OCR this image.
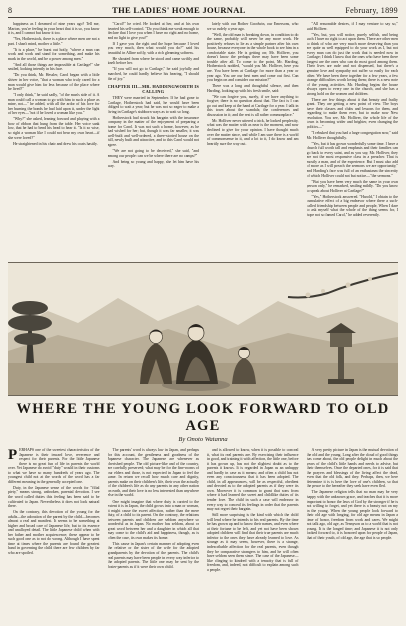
8	THE LADIES' HOME JOURNAL	February, 1899

happiness as I dreamed of nine years ago? Tell me, Marion, you're feeling in your heart that it is so, you know it is, and I cannot but know it too.

"Yes, Hotherstock, there is a place where men are not a part. I shan't mind, mother a little."

"It is a place," he burst out hotly, "where a man can work and work and stand for something, and make his mark in the world, and be a power among men."

"And all those things are impossible at Cartlage!" she smiled, looking intently in his face.

"Do you think, Mr. Hessler, Carol began with a little shiver in her voice, "that a woman who truly cared for a man would give him far less because of the place where he lived?"

"I only think," he said sadly, "of the man's side of it. A man could call a woman to go with him to such a place as mine, not—" he added, with all the ardor of his love for her burning the bonds he had laid upon it, under the light of her eyes—"not if he loved a woman like you."

"Why?" she asked, leaning forward and playing with a bow of ribbon that hung from the table. Her voice sank low, that he had to bend his head to hear it. "Is it so wise, so right a woman like I could not bear my own heart—if she were loved?"

He straightened in his chair and drew his coats hastily.

"Carol!" he cried. He looked at her, and at his own hearted his self-control. "Do you think me weak enough to declare that I love you when I have no right and no home, and no light to give you?"

If I gave you the right and the hope because I loved you very much, then what would you do?" said his beautiful in Alline softly, with a rich gleaming softness.

He shouted from where he stood and came swiftly and knelt before her.

"If you will not go to Cartlage," he said joyfully and marched, he could hardly believe his hearing, "I should die of joy."

CHAPTER III—MR. HADDINGWORTH IS CALLING

THEY were married in September. If he had gone to Cartlage, Hotherstock had said, he would have been obliged to wait a year; but he was not so eager to make a living in Cartlage's stubborn ways as to wait so long.

Hotherstock had struck his bargain with the insurance company in the matter of the enjoyment of preparing a home for Carol. It was not such a home, however, as he had wished for her; but, though it was far smaller, it was well-built and well-ordered, a three-storied house on the hill, newly built and attractive, and to this Carol would not agree.

"We are not going to be deceived," she said, "and among our people: can we be where there are no camps?"

And being so young and happy, she let him have his way.

lately with our Bother Goodwin, our Emersons, who we so rudely a year ago.

"Well, the old man is breaking down, in condition to do the same, probably will never be any more work. He positively refuses to lie as a simple partner after his own house, because everyone in the whole book to see him in a comfortable state. He is getting on; Mr. Holliver, you doesn't know the perhaps there may have been some trouble after all. To come to the point, Mr. Harding, Hotherstock nodded, "would you Mr. Holliver, here you are. You have been at Cartlage for more than a year or year ago. You are our best men and come out first. Can you begin on and consider our mission?"

There was a long and thoughtful silence, and then Harding, looking up with his fresh smile, said:

"We can forgive you, surely, if we have anything to forgive; there is no question about that. The fact is I can go out and keep at the hand at Cartlage for a year. I talk in this town about the scandals; the conferences and discussion in it; and the rest is all rather commonplace."

Mr. Holliver never uttered a trick, he looked perplexity, what was the matter with as near is the moment, and now declined to give for your opinion. I have thought much over the matter since, and while I am sure there is a world of commonsense in it, and a lot to it, I do know and am heartily sure the way out.

"All reasonable desires, if I may venture to say so," said Holliver.

"Yes, but, you will notice, purely selfish, and being such I have no right to act upon them. There are other men to think of who are very much more deserving than you are quite as well equipped to do your work as I, but not every man can do just the work that is needed now in Cartlage; I think I know that the ones who have been there longest are the ones who can do most good among them. Their lives are rude and not dispensed, but there's a genuine love and sympathy not suffer so easily for each other. We have been there together for a few years, a few strange difficulties worth loving them; there is a new note of the young activities. Mr. Harding begins the house always open to every one in the church, and she has a strong hold on the women and children.

There are few things about it that beauty and frailty grant. They are getting a new point of view. The boys have their classes and clubs and lessons for them, and regarding to make them ever, but to make now New resolution. You see, Mr. Holliver, the whole life of the town is becoming wider and brighter, even changing the politics—"

"I rebuked that you had a large congregation now," said Mr. Holliver thoughtfully.

"Yes, but it has grown wonderfully some time. I have a church full worth tall and emphasis and their families can go back to every saint, and as you say, Mr. Holliver, they are not the most responsive class in a preacher. That is mostly a man, and of the experience. But I must also add of more as I will preach the sermons we are opportunity," and Harding's face was full of an enthusiasm the sincerity of which Holliver could not but notice—"the sermons."

"But you have been very much the same in your own person only," he remarked, smiling mildly. "Do you know to speak about Holliver at Cartlage?"

"Yes," Hotherstock answered. "Harold," I obtain to the cumulative effect of a big endeavor where there a such-called friendship between people and people, When I dare to ask myself what the whole of the thing seems for, I hope not so famed Carol," he added reverently.

WHERE THE YOUNG LOOK FORWARD TO OLD AGE
By Onoto Watanna

PERHAPS one of the sweetest characteristics of the Japanese is their inward love, reverence and respect for their parents. For the little Japanese there is no great fun of life in parents the world over. Yet Japanese do avoid "duty" would in their customs to what we have so many hundreds of years ago. The youngest child not at the words of the word has a far different meaning in the generally accepted one.

Duty, in the Japanese sense of the words for "filial piety," means strong, unbroken, parental devotion. I see the word called duties this feeling has been said to be cultivated to Japan. Nevertheless it does not look natural there.

On the contrary, this devotion of the young for the adults—the adoration of the parent by the child—becomes almost a real and manifest. It seems to be something at higher and broad care of Japanese life, but to its essence and unalloyed detail. The little Japanese child when with her father and mother acquiescence; these appear to be such good one as to not do wrong. Although I have spent time at times where the parents are found the greatest hand in governing the child there are few children by far who are spoiled.

The parents' word is always law in Japan, and perhaps for this account, the gentleness and goodness of the Japanese character. The Japanese are whenever as cherished people. The old picture-like and of the country, are carefully preserved; what may be for the fine-rooms of our elders and those, is not expected in Japan to feel the same. In return we recall how much care and dignity, parents make on their children's life, their own the actually of the children's life as do any parents in any other nation on earth, and their love is no less interested than anywhere else in the world.

One might imagine that where duty is carried to the extent it is in Japan, the child grows into a man or woman, it might cause the sweet affection, rather than the mere duty, of a child to its parent. On the contrary, the relations between parents and children are seldom anywhere so wonderful as in Japan. No mother has seldom, about or great word between her and a daughter in which all that may come to the child's aid and happiness, though, as is often the case, its own makes its home.

This cause in Japan's certain manner of adopting even the relative or the sister of the wife for the adopted grandparents by the devotion of the parents. The child's real parents may have been people in every way inferior to the adopted parents. The little one may be sent by the foster-parents as if it were their own child.

and is allowed to know, when it is possible to conceal it, what its real parents are. By exercising their influence in good, and training it with affection, the little one, before it has grown up, has not the slightest doubt as to the parents it knows. It is regarded in Japan as an unhappy and hardly in case as it means; and often a child has not even any consciousness that it has been adopted. The child, in all appearances, will be as respectful, obedient and devoted as to the adopted parents as if they were its own. Moreover it is common to grant that sons from where it had learned the sweet and childlike duties of its tender love. The child in such a case will endeavor in every way to conceal its feelings in order that the parents may not regret their bargain.

Still more surprising is the kind with which the child will lend where he intends to his real parents. By the time he has grown up and to know their names, and even where at their fortune to be left, and yet not have been shown adopted children will find that their true parents are much inferior to the ones they have already learned to love. As strange as it may seem, however, there is a strange, indescribable affection for the real parents, even though they be comparative strangers to him, and he will often have seldom seen them since. The case of the Japanese—like clinging to kindred with a tenacity that is full of freedom, and, indeed, not difficult to explain among such a people.

A very pretty picture in Japan is the mutual devotion of the old and the young. Long after the cloud of good things has come about, the old people delight in much about the years of the child's little hands and needs to advise, but their themselves. Once the departed ones, for it is said that the prayers and blessings of the living affect the dead, even that the old folk, and they. Perhaps, then, we here determine it is is here the love of one's children, so that the peace to the hereafter they seek have even fled.

The Japanese religion tells that no man may be very happy with the unknown grace, and teaches that it is more important to honor the laws of God by the stronger if he is not willing to forget, and yet there is a beauty not on my in the young. When the young people look forward to their old age with longing, for old age means in Japan a time of honor, freedom from work and cares. We might not talk ago, old age, as Tennyson as to a world that is not young. It is the longed time; and Japanese it is not only looked forward to, it is honored upon for people of Japan, that of their youth, of old age, the age that is so people.
